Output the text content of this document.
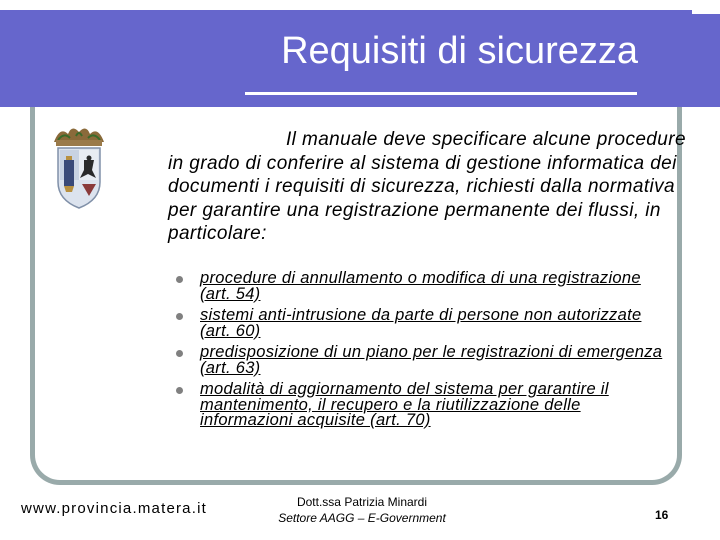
Requisiti di sicurezza
Il manuale deve specificare alcune procedure in grado di conferire al sistema di gestione informatica dei documenti i requisiti di sicurezza, richiesti dalla normativa per garantire una registrazione permanente dei flussi, in particolare:
procedure di annullamento o modifica di una registrazione (art. 54)
sistemi anti-intrusione da parte di persone non autorizzate (art. 60)
predisposizione di un piano per le registrazioni di emergenza (art. 63)
modalità di aggiornamento del sistema per garantire il mantenimento, il recupero e la riutilizzazione delle informazioni acquisite (art. 70)
www.provincia.matera.it	Dott.ssa Patrizia Minardi
Settore AAGG – E-Government	16
